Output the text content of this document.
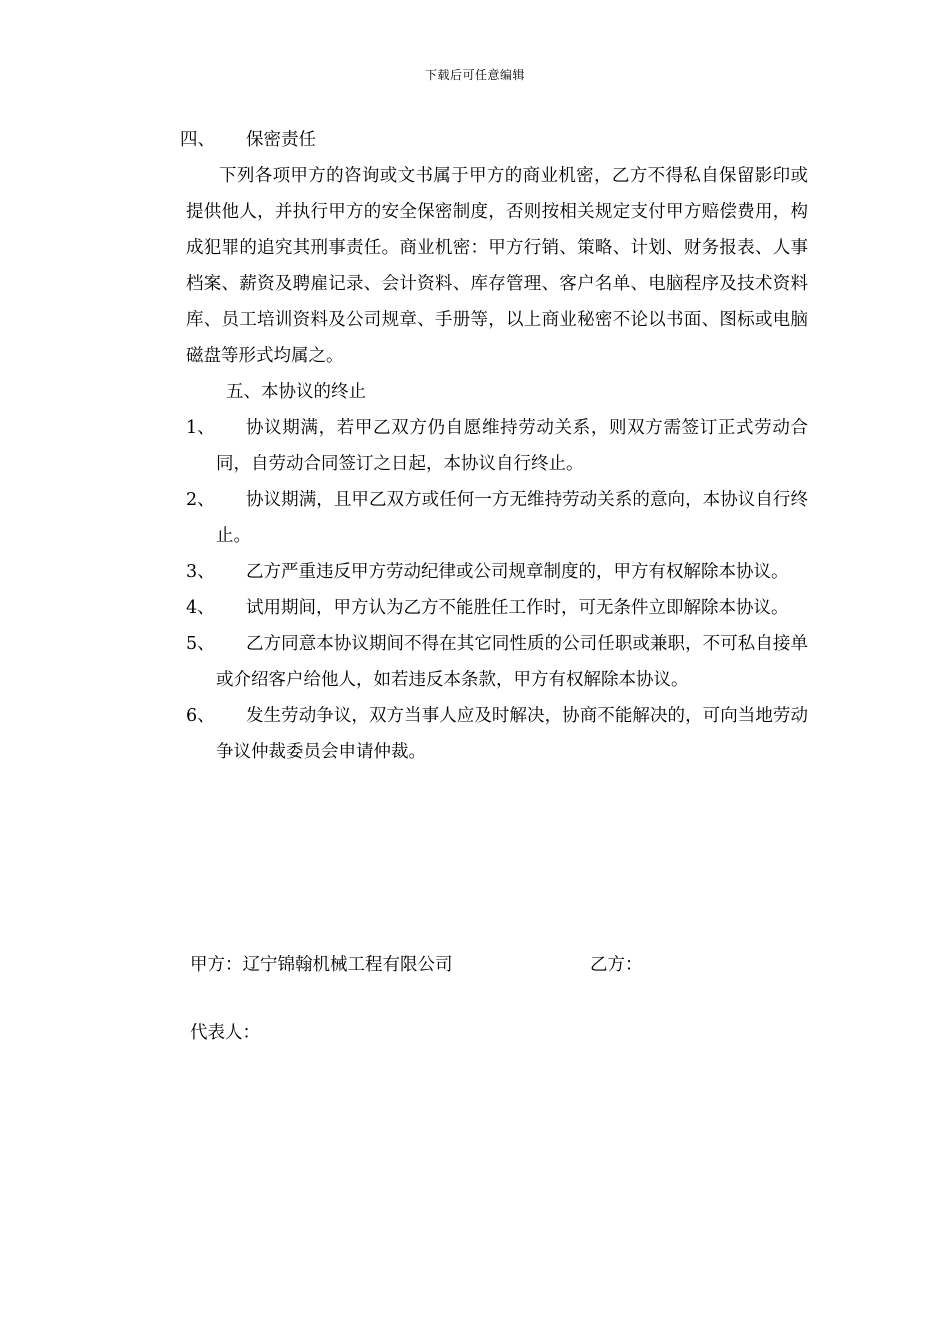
下载后可任意编辑
四、 保密责任

下列各项甲方的咨询或文书属于甲方的商业机密，乙方不得私自保留影印或提供他人，并执行甲方的安全保密制度，否则按相关规定支付甲方赔偿费用，构成犯罪的追究其刑事责任。商业机密：甲方行销、策略、计划、财务报表、人事档案、薪资及聘雇记录、会计资料、库存管理、客户名单、电脑程序及技术资料库、员工培训资料及公司规章、手册等，以上商业秘密不论以书面、图标或电脑磁盘等形式均属之。

五、本协议的终止
1、	协议期满，若甲乙双方仍自愿维持劳动关系，则双方需签订正式劳动合同，自劳动合同签订之日起，本协议自行终止。
2、	协议期满，且甲乙双方或任何一方无维持劳动关系的意向，本协议自行终止。
3、	乙方严重违反甲方劳动纪律或公司规章制度的，甲方有权解除本协议。
4、	试用期间，甲方认为乙方不能胜任工作时，可无条件立即解除本协议。
5、	乙方同意本协议期间不得在其它同性质的公司任职或兼职，不可私自接单或介绍客户给他人，如若违反本条款，甲方有权解除本协议。
6、	发生劳动争议，双方当事人应及时解决，协商不能解决的，可向当地劳动争议仲裁委员会申请仲裁。
甲方：辽宁锦翰机械工程有限公司	乙方：
代表人：
